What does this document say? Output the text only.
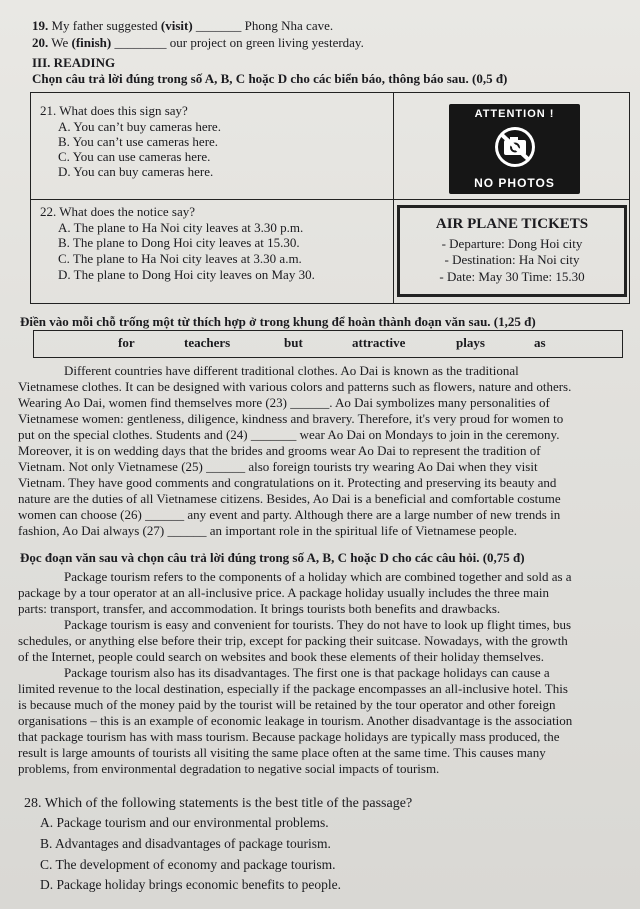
19. My father suggested (visit) _______ Phong Nha cave.
20. We (finish) ________ our project on green living yesterday.
III. READING
Chọn câu trả lời đúng trong số A, B, C hoặc D cho các biển báo, thông báo sau. (0,5 đ)
21. What does this sign say?
A. You can’t buy cameras here.
B. You can’t use cameras here.
C. You can use cameras here.
D. You can buy cameras here.
ATTENTION !
NO PHOTOS
22. What does the notice say?
A. The plane to Ha Noi city leaves at 3.30 p.m.
B. The plane to Dong Hoi city leaves at 15.30.
C. The plane to Ha Noi city leaves at 3.30 a.m.
D. The plane to Dong Hoi city leaves on May 30.
AIR PLANE TICKETS
- Departure: Dong Hoi city
- Destination: Ha Noi city
- Date: May 30 Time: 15.30
Điền vào mỗi chỗ trống một từ thích hợp ở trong khung để hoàn thành đoạn văn sau. (1,25 đ)
for	teachers	but	attractive	plays	as
Different countries have different traditional clothes. Ao Dai is known as the traditional
Vietnamese clothes. It can be designed with various colors and patterns such as flowers, nature and others.
Wearing Ao Dai, women find themselves more (23) ______. Ao Dai symbolizes many personalities of
Vietnamese women: gentleness, diligence, kindness and bravery. Therefore, it's very proud for women to
put on the special clothes. Students and (24) _______ wear Ao Dai on Mondays to join in the ceremony.
Moreover, it is on wedding days that the brides and grooms wear Ao Dai to represent the tradition of
Vietnam. Not only Vietnamese (25) ______ also foreign tourists try wearing Ao Dai when they visit
Vietnam. They have good comments and congratulations on it. Protecting and preserving its beauty and
nature are the duties of all Vietnamese citizens. Besides, Ao Dai is a beneficial and comfortable costume
women can choose (26) ______ any event and party. Although there are a large number of new trends in
fashion, Ao Dai always (27) ______ an important role in the spiritual life of Vietnamese people.
Đọc đoạn văn sau và chọn câu trả lời đúng trong số A, B, C hoặc D cho các câu hỏi. (0,75 đ)
Package tourism refers to the components of a holiday which are combined together and sold as a
package by a tour operator at an all-inclusive price. A package holiday usually includes the three main
parts: transport, transfer, and accommodation. It brings tourists both benefits and drawbacks.
Package tourism is easy and convenient for tourists. They do not have to look up flight times, bus
schedules, or anything else before their trip, except for packing their suitcase. Nowadays, with the growth
of the Internet, people could search on websites and book these elements of their holiday themselves.
Package tourism also has its disadvantages. The first one is that package holidays can cause a
limited revenue to the local destination, especially if the package encompasses an all-inclusive hotel. This
is because much of the money paid by the tourist will be retained by the tour operator and other foreign
organisations – this is an example of economic leakage in tourism. Another disadvantage is the association
that package tourism has with mass tourism. Because package holidays are typically mass produced, the
result is large amounts of tourists all visiting the same place often at the same time. This causes many
problems, from environmental degradation to negative social impacts of tourism.
28. Which of the following statements is the best title of the passage?
A. Package tourism and our environmental problems.
B. Advantages and disadvantages of package tourism.
C. The development of economy and package tourism.
D. Package holiday brings economic benefits to people.
